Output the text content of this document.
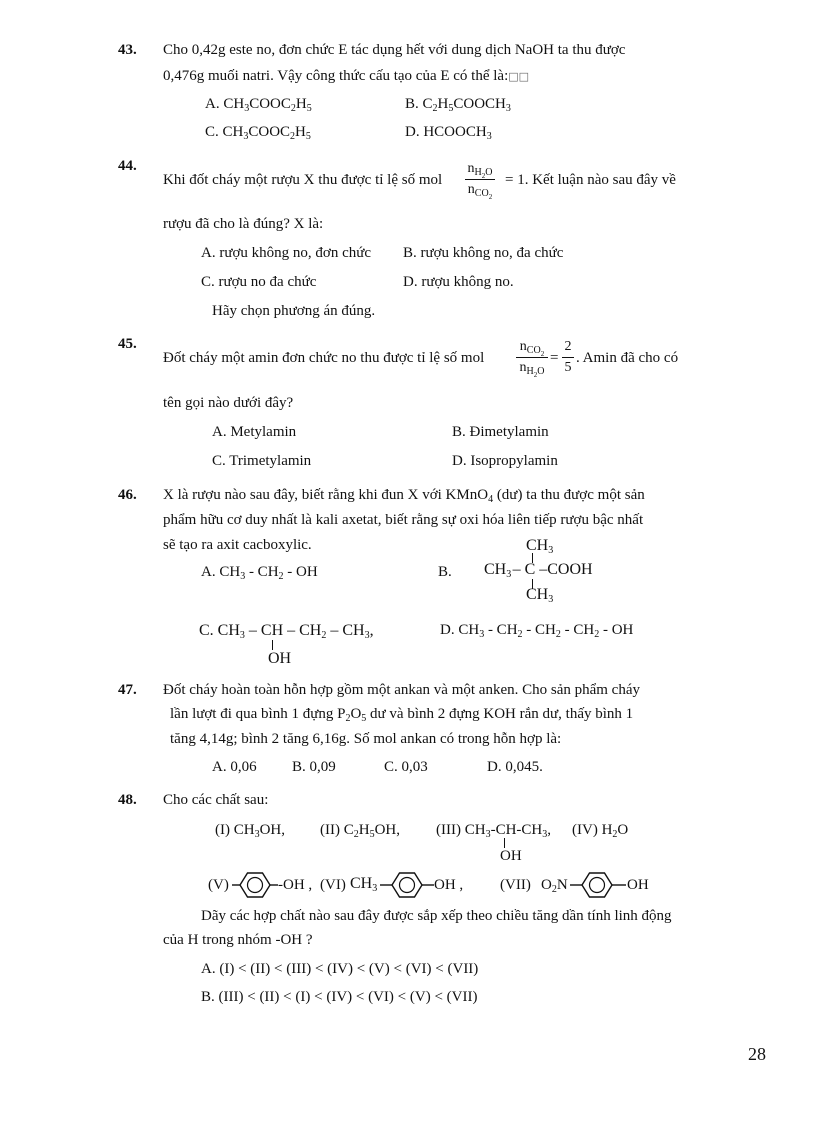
43. Cho 0,42g este no, đơn chức E tác dụng hết với dung dịch NaOH ta thu được
0,476g muối natri. Vậy công thức cấu tạo của E có thể là:□□
A. $CH_3COOC_2H_5$	B. $C_2H_5COOCH_3$
C. $CH_3COOC_2H_5$	D. $HCOOCH_3$
44.
Khi đốt cháy một rượu X thu được tỉ lệ số mol
$n_{H_2O}$
$n_{CO_2}$
= 1. Kết luận nào sau đây về
rượu đã cho là đúng? X là:
A. rượu không no, đơn chức B. rượu không no, đa chức
C. rượu no đa chức	D. rượu không no.
Hãy chọn phương án đúng.
45.
Đốt cháy một amin đơn chức no thu được tỉ lệ số mol
$n_{CO_2}$
$n_{H_2O}$
=
2
5
. Amin đã cho có
tên gọi nào dưới đây?
A. Metylamin	B. Đimetylamin
C. Trimetylamin	D. Isopropylamin
46. X là rượu nào sau đây, biết rằng khi đun X với KMnO$_4$ (dư) ta thu được một sản
phẩm hữu cơ duy nhất là kali axetat, biết rằng sự oxi hóa liên tiếp rượu bậc nhất
sẽ tạo ra axit cacboxylic.
A. $CH_3 - CH_2$ - OH	B.
$CH_3$
$CH_3$ – C –COOH
$CH_3$
C. $CH_3$ – CH – $CH_2 - CH_3$,
OH
D. $CH_3 - CH_2 - CH_2 - CH_2$ - OH
47. Đốt cháy hoàn toàn hỗn hợp gồm một ankan và một anken. Cho sản phẩm cháy
lần lượt đi qua bình 1 đựng $P_2O_5$ dư và bình 2 đựng KOH rắn dư, thấy bình 1
tăng 4,14g; bình 2 tăng 6,16g. Số mol ankan có trong hỗn hợp là:
A. 0,06 B. 0,09	C. 0,03	D. 0,045.
48. Cho các chất sau:
(I) $CH_3OH$, (II) $C_2H_5OH$, (III) $CH_3-CH-CH_3$,
OH
(IV) $H_2O$
(V)	-OH , (VI) $CH_3$	OH , (VII) $O_2N$	OH
Dãy các hợp chất nào sau đây được sắp xếp theo chiều tăng dần tính linh động
của H trong nhóm -OH ?
A. (I) < (II) < (III) < (IV) < (V) < (VI) < (VII)
B. (III) < (II) < (I) < (IV) < (VI) < (V) < (VII)
28
